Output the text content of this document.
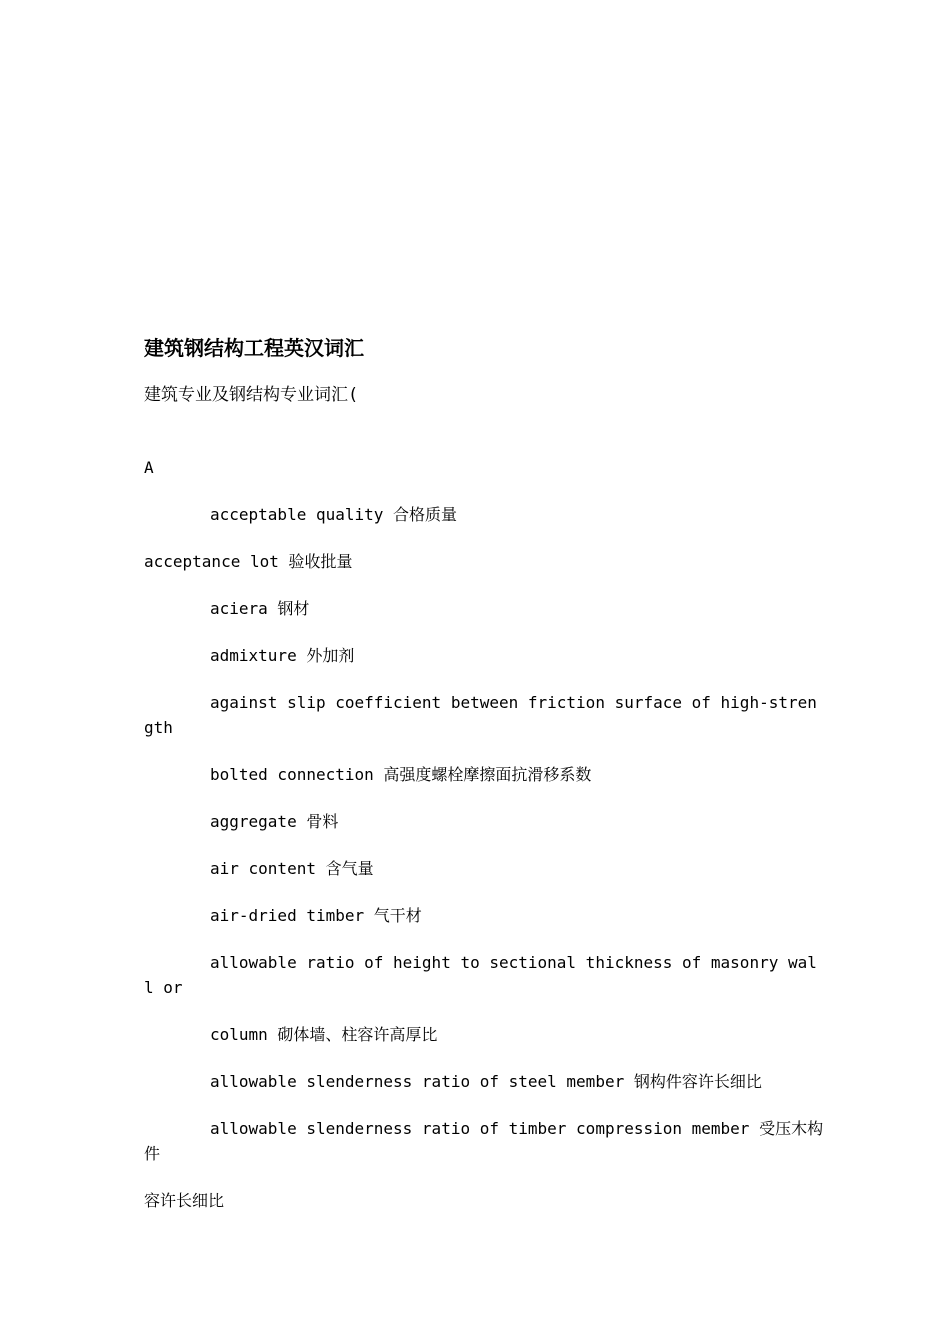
建筑钢结构工程英汉词汇

建筑专业及钢结构专业词汇(

A

acceptable quality 合格质量

acceptance lot 验收批量

aciera 钢材

admixture 外加剂

against slip coefficient between friction surface of high-strength

bolted connection 高强度螺栓摩擦面抗滑移系数

aggregate 骨料

air content 含气量

air-dried timber 气干材

allowable ratio of height to sectional thickness of masonry wall or

column 砌体墙、柱容许高厚比

allowable slenderness ratio of steel member 钢构件容许长细比

allowable slenderness ratio of timber compression member 受压木构件

容许长细比
